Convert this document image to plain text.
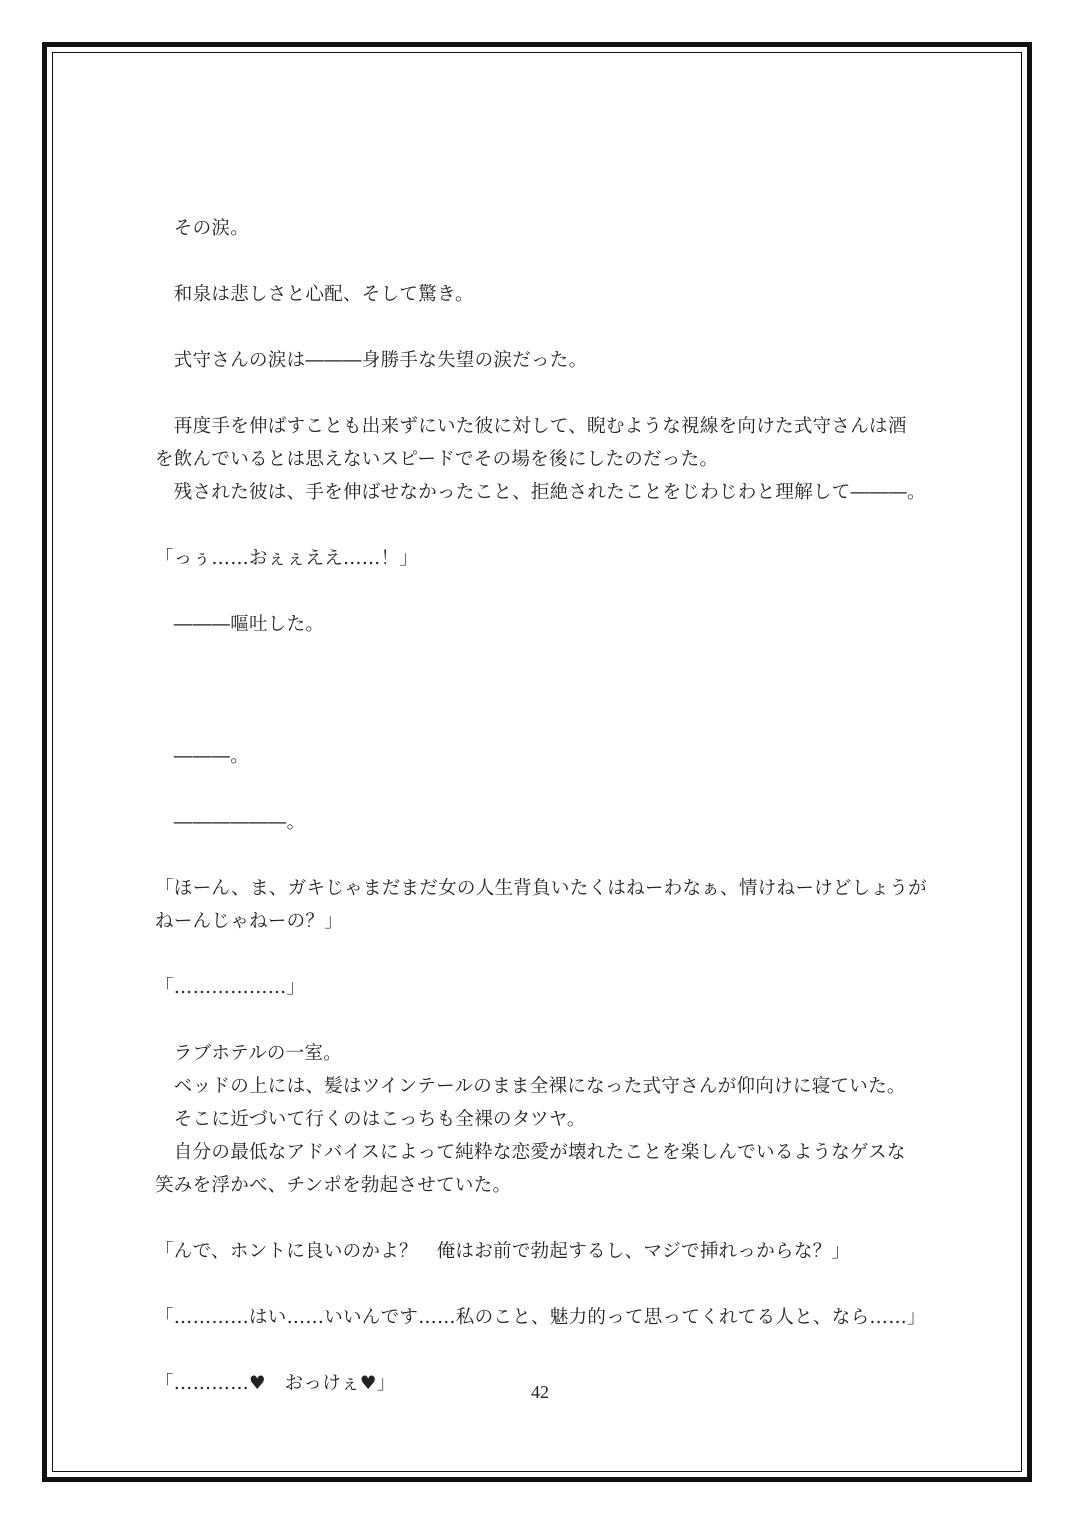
　その涙。
　和泉は悲しさと心配、そして驚き。
　式守さんの涙は―――身勝手な失望の涙だった。
　再度手を伸ばすことも出来ずにいた彼に対して、睨むような視線を向けた式守さんは酒
を飲んでいるとは思えないスピードでその場を後にしたのだった。
　残された彼は、手を伸ばせなかったこと、拒絶されたことをじわじわと理解して―――。
「っぅ……おぇぇええ……！」
　―――嘔吐した。
　―――。
　――――――。
「ほーん、ま、ガキじゃまだまだ女の人生背負いたくはねーわなぁ、情けねーけどしょうが
ねーんじゃねーの？」
「………………」
　ラブホテルの一室。
　ベッドの上には、髪はツインテールのまま全裸になった式守さんが仰向けに寝ていた。
　そこに近づいて行くのはこっちも全裸のタツヤ。
　自分の最低なアドバイスによって純粋な恋愛が壊れたことを楽しんでいるようなゲスな
笑みを浮かべ、チンポを勃起させていた。
「んで、ホントに良いのかよ？　俺はお前で勃起するし、マジで挿れっからな？」
「…………はい……いいんです……私のこと、魅力的って思ってくれてる人と、なら……」
「…………♥　おっけぇ♥」	42
